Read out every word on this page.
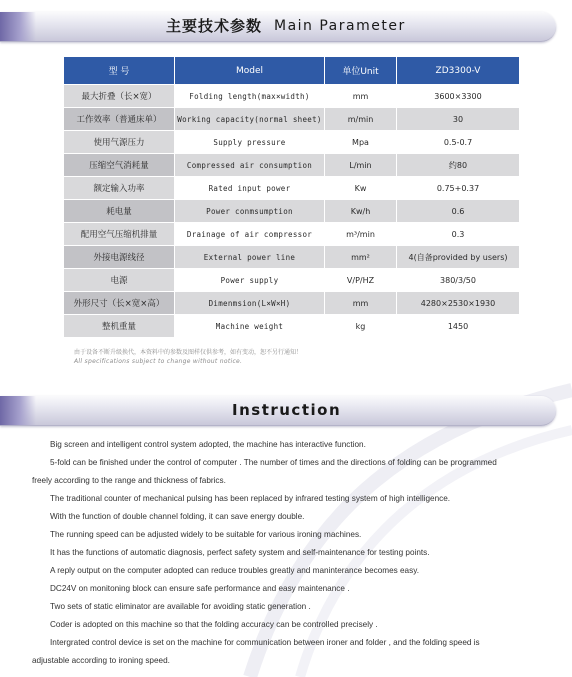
主要技术参数 Main Parameter
型 号	Model	单位Unit	ZD3300-V
最大折叠（长×宽）	Folding length(max×width)	mm	3600×3300
工作效率（普通床单）	Working capacity(normal sheet)	m/min	30
使用气源压力	Supply pressure	Mpa	0.5-0.7
压缩空气消耗量	Compressed air consumption	L/min	约80
额定输入功率	Rated input power	Kw	0.75+0.37
耗电量	Power conmsumption	Kw/h	0.6
配用空气压缩机排量	Drainage of air compressor	m³/min	0.3
外接电源线径	External power line	mm²	4(自备provided by users)
电源	Power supply	V/P/HZ	380/3/50
外形尺寸（长×宽×高）	Dimenmsion(L×W×H)	mm	4280×2530×1930
整机重量	Machine weight	kg	1450
由于设备不断升级换代，本资料中的参数及图样仅供参考，如有变动，恕不另行通知！
All specifications subject to change without notice.
Instruction

Big screen and intelligent control system adopted, the machine has interactive function.

5-fold can be finished under the control of computer . The number of times and the directions of folding can be programmed

freely according to the range and thickness of fabrics.

The traditional counter of mechanical pulsing has been replaced by infrared testing system of high intelligence.

With the function of double channel folding, it can save energy double.

The running speed can be adjusted widely to be suitable for various ironing machines.

It has the functions of automatic diagnosis, perfect safety system and self-maintenance for testing points.

A reply output on the computer adopted can reduce troubles greatly and maninterance becomes easy.

DC24V on monitoning block can ensure safe performance and easy maintenance .

Two sets of static eliminator are available for avoiding static generation .

Coder is adopted on this machine so that the folding accuracy can be controlled precisely .

Intergrated control device is set on the machine for communication between ironer and folder , and the folding speed is

adjustable according to ironing speed.
